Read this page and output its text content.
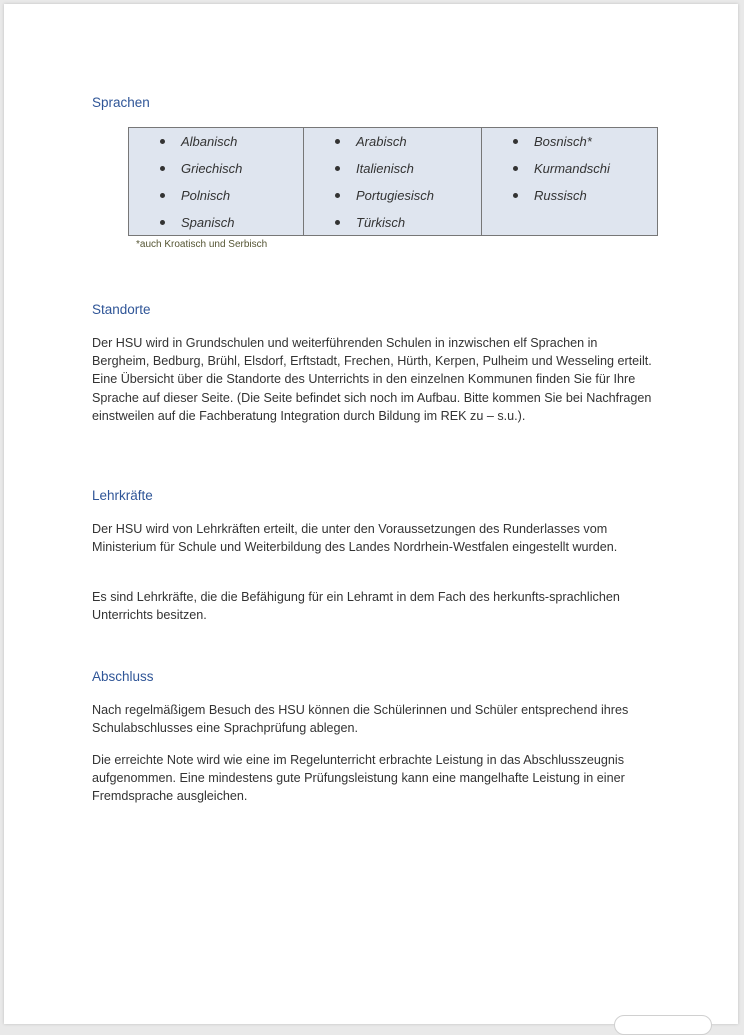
Sprachen
Albanisch
Griechisch
Polnisch
Spanisch
Arabisch
Italienisch
Portugiesisch
Türkisch
Bosnisch*
Kurmandschi
Russisch

*auch Kroatisch und Serbisch

Standorte

Der HSU wird in Grundschulen und weiterführenden Schulen in inzwischen elf Sprachen in Bergheim, Bedburg, Brühl, Elsdorf, Erftstadt, Frechen, Hürth, Kerpen, Pulheim und Wesseling erteilt. Eine Übersicht über die Standorte des Unterrichts in den einzelnen Kommunen finden Sie für Ihre Sprache auf dieser Seite. (Die Seite befindet sich noch im Aufbau. Bitte kommen Sie bei Nachfragen einstweilen auf die Fachberatung Integration durch Bildung im REK zu – s.u.).

Lehrkräfte

Der HSU wird von Lehrkräften erteilt, die unter den Voraussetzungen des Runderlasses vom Ministerium für Schule und Weiterbildung des Landes Nordrhein-Westfalen eingestellt wurden.

Es sind Lehrkräfte, die die Befähigung für ein Lehramt in dem Fach des herkunfts-sprachlichen Unterrichts besitzen.

Abschluss

Nach regelmäßigem Besuch des HSU können die Schülerinnen und Schüler entsprechend ihres Schulabschlusses eine Sprachprüfung ablegen.

Die erreichte Note wird wie eine im Regelunterricht erbrachte Leistung in das Abschlusszeugnis aufgenommen. Eine mindestens gute Prüfungsleistung kann eine mangelhafte Leistung in einer Fremdsprache ausgleichen.
